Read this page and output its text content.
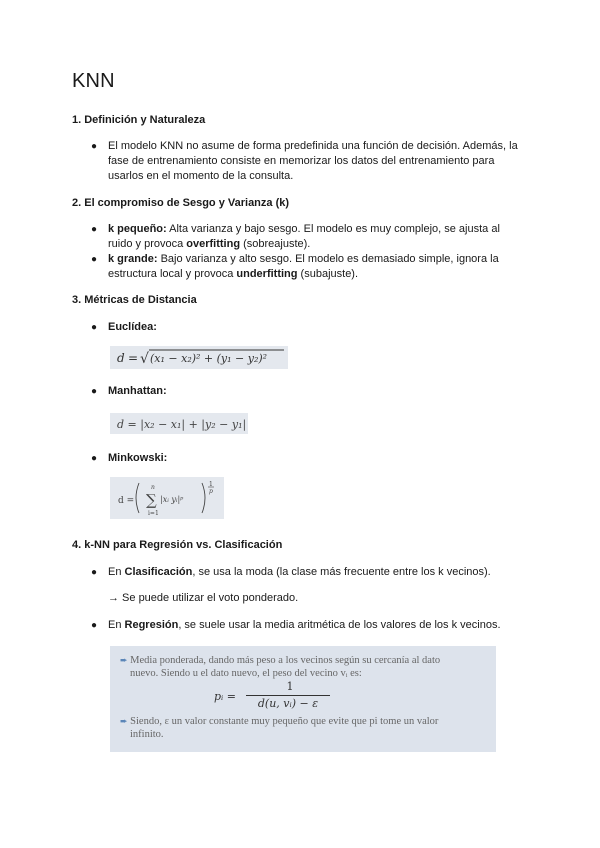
KNN
1. Definición y Naturaleza
● El modelo KNN no asume de forma predefinida una función de decisión. Además, la
fase de entrenamiento consiste en memorizar los datos del entrenamiento para
usarlos en el momento de la consulta.
2. El compromiso de Sesgo y Varianza (k)
● k pequeño: Alta varianza y bajo sesgo. El modelo es muy complejo, se ajusta al
ruido y provoca overfitting (sobreajuste).
● k grande: Bajo varianza y alto sesgo. El modelo es demasiado simple, ignora la
estructura local y provoca underfitting (subajuste).
3. Métricas de Distancia
● Euclídea:
d = √ (x₁ − x₂)² + (y₁ − y₂)²
● Manhattan:
d = |x₂ − x₁| + |y₂ − y₁|
● Minkowski:
d =
n
∑
i=1
|xᵢ yᵢ|ᵖ
1
p
4. k-NN para Regresión vs. Clasificación
● En Clasificación, se usa la moda (la clase más frecuente entre los k vecinos).
→ Se puede utilizar el voto ponderado.
● En Regresión, se suele usar la media aritmética de los valores de los k vecinos.
➨ Media ponderada, dando más peso a los vecinos según su cercanía al dato
nuevo. Siendo u el dato nuevo, el peso del vecino vᵢ es:
pᵢ =
1
d(u, vᵢ) − ε
➨ Siendo, ε un valor constante muy pequeño que evite que pi tome un valor
infinito.
